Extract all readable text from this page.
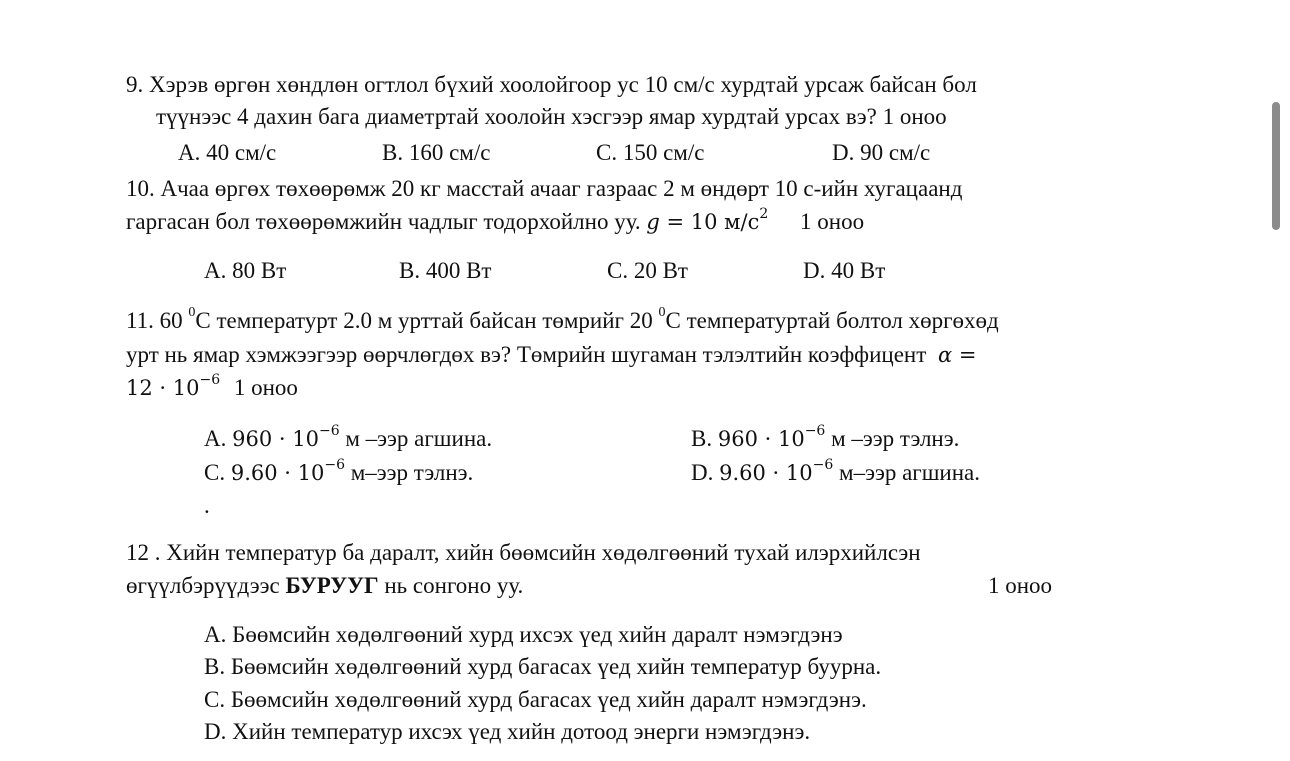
9. Хэрэв өргөн хөндлөн огтлол бүхий хоолойгоор ус 10 см/с хурдтай урсаж байсан бол
түүнээс 4 дахин бага диаметртай хоолойн хэсгээр ямар хурдтай урсах вэ? 1 оноо
A. 40 см/с	B. 160 см/с	C. 150 см/с	D. 90 см/с
10. Ачаа өргөх төхөөрөмж 20 кг масстай ачааг газраас 2 м өндөрт 10 с-ийн хугацаанд
гаргасан бол төхөөрөмжийн чадлыг тодорхойлно уу. g = 10 $м/с^2$ 1 оноо
A. 80 Вт	B. 400 Вт	C. 20 Вт	D. 40 Вт
11. 60 $^0$C температурт 2.0 м урттай байсан төмрийг 20 $^0$C температуртай болтол хөргөхөд
урт нь ямар хэмжээгээр өөрчлөгдөх вэ? Төмрийн шугаман тэлэлтийн коэффицент α =
$12 \cdot 10^{-6}$ 1 оноо
A. $960 \cdot 10^{-6}$ м –ээр агшина.	B. $960 \cdot 10^{-6}$ м –ээр тэлнэ.
C. $9.60 \cdot 10^{-6}$ м–ээр тэлнэ.	D. $9.60 \cdot 10^{-6}$ м–ээр агшина.
.
12 . Хийн температур ба даралт, хийн бөөмсийн хөдөлгөөний тухай илэрхийлсэн
өгүүлбэрүүдээс БУРУУГ нь сонгоно уу.	1 оноо
A. Бөөмсийн хөдөлгөөний хурд ихсэх үед хийн даралт нэмэгдэнэ
B. Бөөмсийн хөдөлгөөний хурд багасах үед хийн температур буурна.
C. Бөөмсийн хөдөлгөөний хурд багасах үед хийн даралт нэмэгдэнэ.
D. Хийн температур ихсэх үед хийн дотоод энерги нэмэгдэнэ.
